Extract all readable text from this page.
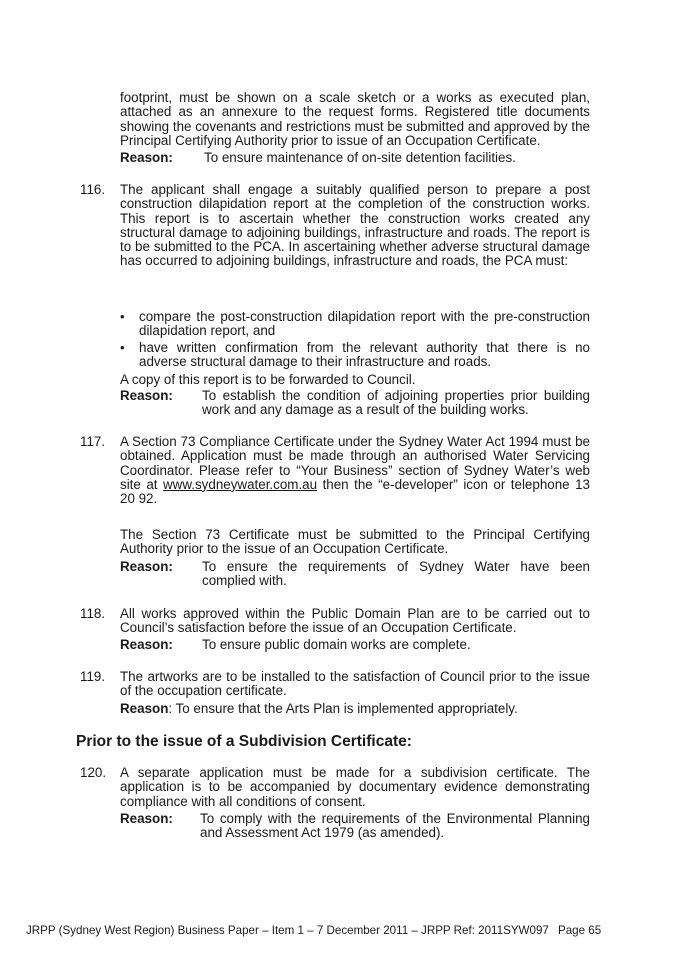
footprint, must be shown on a scale sketch or a works as executed plan, attached as an annexure to the request forms. Registered title documents showing the covenants and restrictions must be submitted and approved by the Principal Certifying Authority prior to issue of an Occupation Certificate.
Reason: To ensure maintenance of on-site detention facilities.
116. The applicant shall engage a suitably qualified person to prepare a post construction dilapidation report at the completion of the construction works. This report is to ascertain whether the construction works created any structural damage to adjoining buildings, infrastructure and roads. The report is to be submitted to the PCA. In ascertaining whether adverse structural damage has occurred to adjoining buildings, infrastructure and roads, the PCA must:
• compare the post-construction dilapidation report with the pre-construction dilapidation report, and
• have written confirmation from the relevant authority that there is no adverse structural damage to their infrastructure and roads.
A copy of this report is to be forwarded to Council.
Reason: To establish the condition of adjoining properties prior building work and any damage as a result of the building works.
117. A Section 73 Compliance Certificate under the Sydney Water Act 1994 must be obtained. Application must be made through an authorised Water Servicing Coordinator. Please refer to “Your Business” section of Sydney Water’s web site at www.sydneywater.com.au then the “e-developer” icon or telephone 13 20 92.
The Section 73 Certificate must be submitted to the Principal Certifying Authority prior to the issue of an Occupation Certificate.
Reason: To ensure the requirements of Sydney Water have been complied with.
118. All works approved within the Public Domain Plan are to be carried out to Council’s satisfaction before the issue of an Occupation Certificate.
Reason: To ensure public domain works are complete.
119. The artworks are to be installed to the satisfaction of Council prior to the issue of the occupation certificate.
Reason: To ensure that the Arts Plan is implemented appropriately.
Prior to the issue of a Subdivision Certificate:
120. A separate application must be made for a subdivision certificate. The application is to be accompanied by documentary evidence demonstrating compliance with all conditions of consent.
Reason: To comply with the requirements of the Environmental Planning and Assessment Act 1979 (as amended).
JRPP (Sydney West Region) Business Paper – Item 1 – 7 December 2011 – JRPP Ref: 2011SYW097 Page 65
